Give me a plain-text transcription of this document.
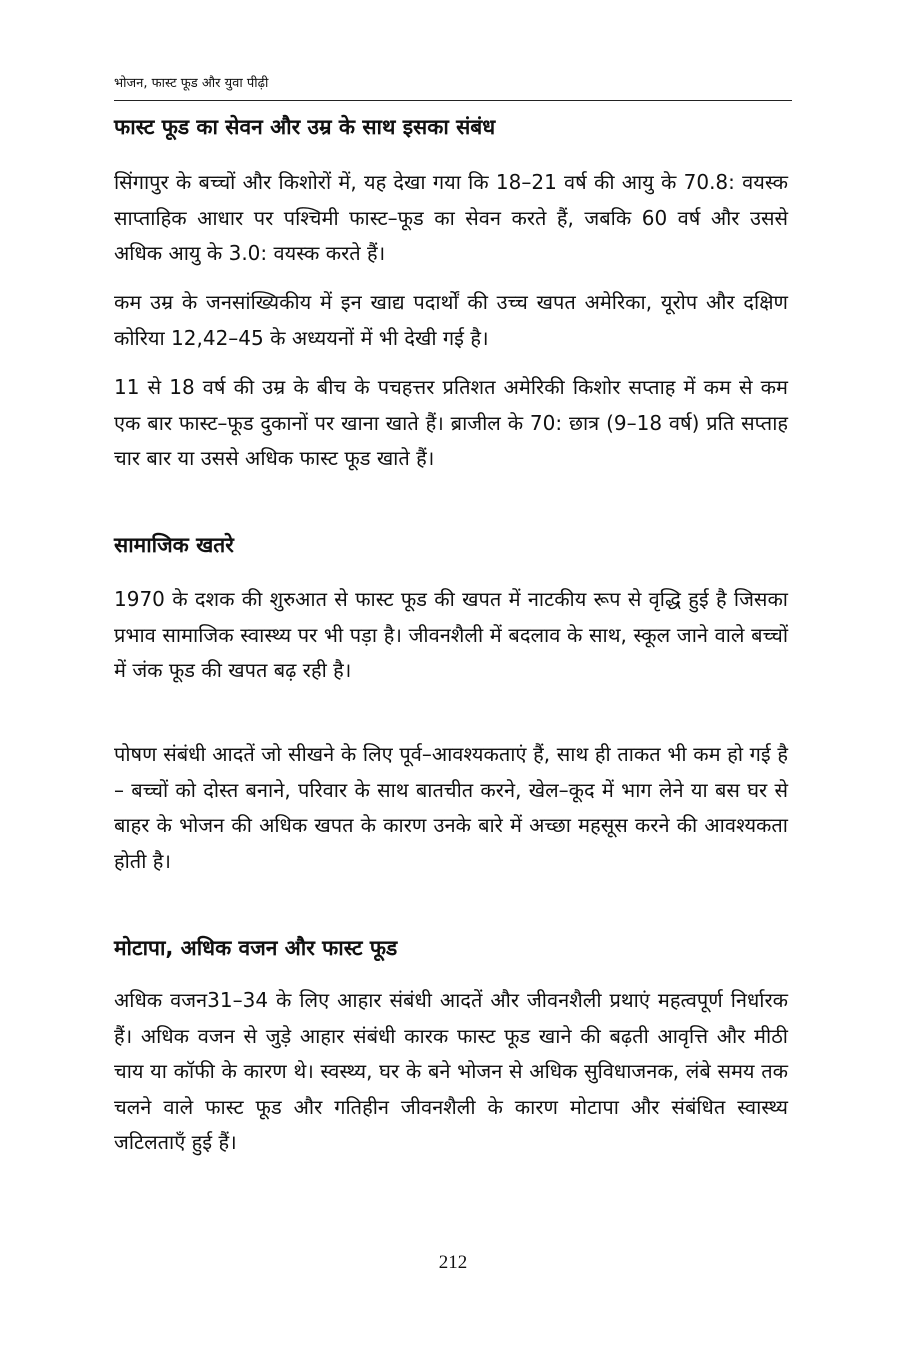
भोजन, फास्ट फूड और युवा पीढ़ी
फास्ट फूड का सेवन और उम्र के साथ इसका संबंध

सिंगापुर के बच्चों और किशोरों में, यह देखा गया कि 18–21 वर्ष की आयु के 70.8: वयस्क साप्ताहिक आधार पर पश्चिमी फास्ट–फूड का सेवन करते हैं, जबकि 60 वर्ष और उससे अधिक आयु के 3.0: वयस्क करते हैं।

कम उम्र के जनसांख्यिकीय में इन खाद्य पदार्थों की उच्च खपत अमेरिका, यूरोप और दक्षिण कोरिया 12,42–45 के अध्ययनों में भी देखी गई है।

11 से 18 वर्ष की उम्र के बीच के पचहत्तर प्रतिशत अमेरिकी किशोर सप्ताह में कम से कम एक बार फास्ट–फूड दुकानों पर खाना खाते हैं। ब्राजील के 70: छात्र (9–18 वर्ष) प्रति सप्ताह चार बार या उससे अधिक फास्ट फूड खाते हैं।

सामाजिक खतरे

1970 के दशक की शुरुआत से फास्ट फूड की खपत में नाटकीय रूप से वृद्धि हुई है जिसका प्रभाव सामाजिक स्वास्थ्य पर भी पड़ा है। जीवनशैली में बदलाव के साथ, स्कूल जाने वाले बच्चों में जंक फूड की खपत बढ़ रही है।

पोषण संबंधी आदतें जो सीखने के लिए पूर्व–आवश्यकताएं हैं, साथ ही ताकत भी कम हो गई है – बच्चों को दोस्त बनाने, परिवार के साथ बातचीत करने, खेल–कूद में भाग लेने या बस घर से बाहर के भोजन की अधिक खपत के कारण उनके बारे में अच्छा महसूस करने की आवश्यकता होती है।

मोटापा, अधिक वजन और फास्ट फूड

अधिक वजन31–34 के लिए आहार संबंधी आदतें और जीवनशैली प्रथाएं महत्वपूर्ण निर्धारक हैं। अधिक वजन से जुड़े आहार संबंधी कारक फास्ट फूड खाने की बढ़ती आवृत्ति और मीठी चाय या कॉफी के कारण थे। स्वस्थ्य, घर के बने भोजन से अधिक सुविधाजनक, लंबे समय तक चलने वाले फास्ट फूड और गतिहीन जीवनशैली के कारण मोटापा और संबंधित स्वास्थ्य जटिलताएँ हुई हैं।

212
